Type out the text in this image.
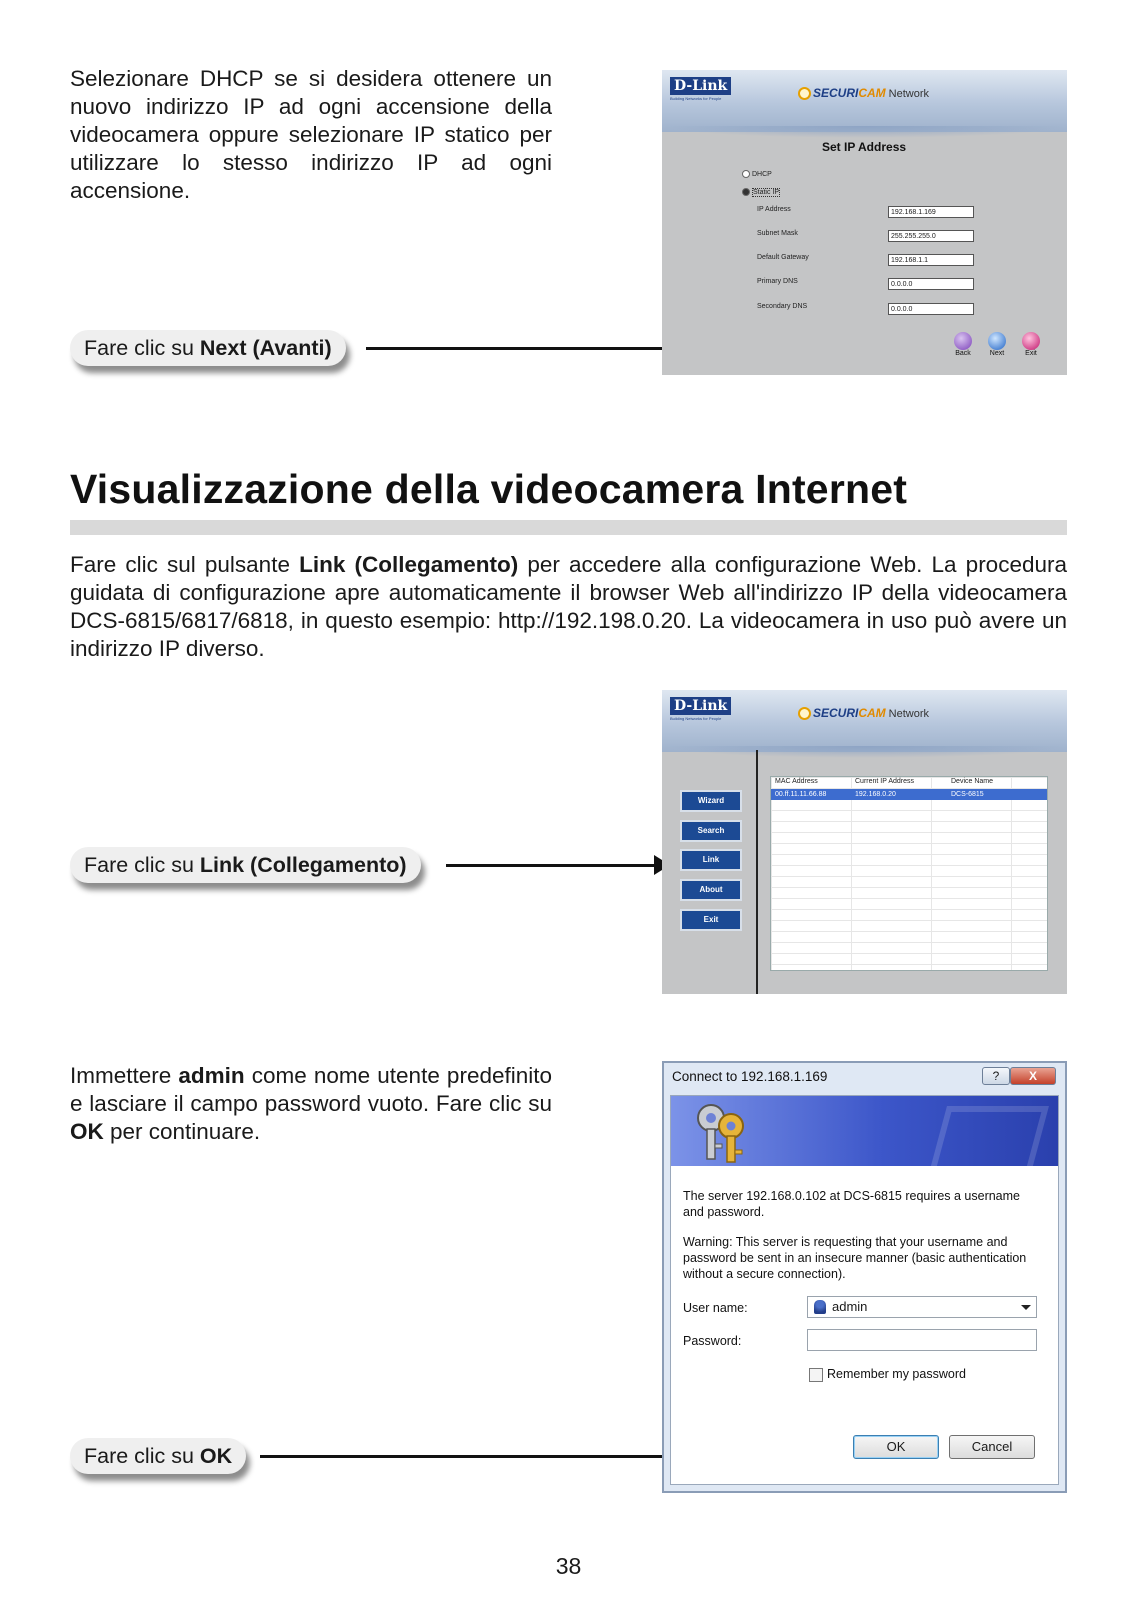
Selezionare DHCP se si desidera ottenere un nuovo indirizzo IP ad ogni accensione della videocamera oppure selezionare IP statico per utilizzare lo stesso indirizzo IP ad ogni accensione.
Fare clic su Next (Avanti)
D-Link
Building Networks for People	SECURICAM Network
Set IP Address
DHCP
Static IP
IP Address	192.168.1.169
Subnet Mask	255.255.255.0
Default Gateway	192.168.1.1
Primary DNS	0.0.0.0
Secondary DNS	0.0.0.0
Back	Next	Exit
Visualizzazione della videocamera Internet
Fare clic sul pulsante Link (Collegamento) per accedere alla configurazione Web. La procedura guidata di configurazione apre automaticamente il browser Web all'indirizzo IP della videocamera DCS-6815/6817/6818, in questo esempio: http://192.198.0.20. La videocamera in uso può avere un indirizzo IP diverso.
Fare clic su Link (Collegamento)
D-Link
Building Networks for People	SECURICAM Network
Wizard
Search
Link
About
Exit
MAC Address	Current IP Address	Device Name
00.ff.11.11.66.88	192.168.0.20	DCS-6815
Immettere admin come nome utente predefinito e lasciare il campo password vuoto. Fare clic su OK per continuare.
Fare clic su OK
Connect to 192.168.1.169	?	X
The server 192.168.0.102 at DCS-6815 requires a username and password.
Warning: This server is requesting that your username and password be sent in an insecure manner (basic authentication without a secure connection).
User name:	admin
Password:
Remember my password
OK	Cancel
38
